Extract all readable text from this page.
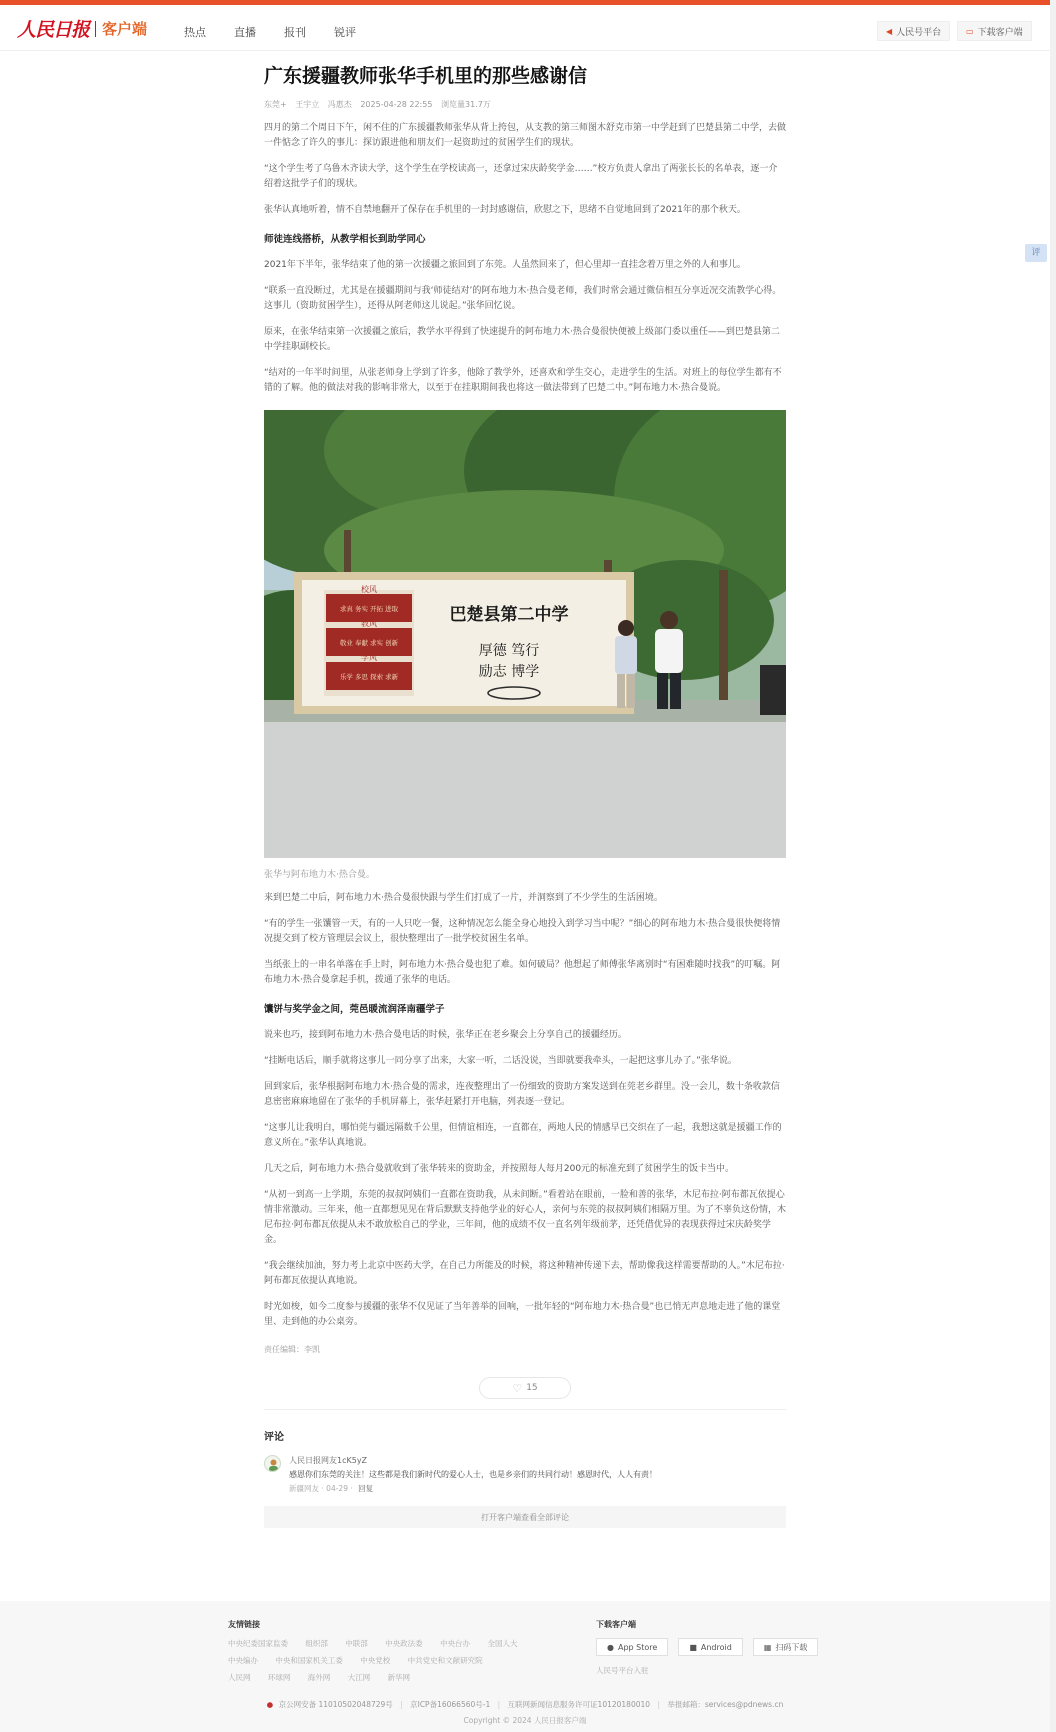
人民日报 客户端	热点	直播	报刊	锐评	◀ 人民号平台	▭ 下载客户端
评
广东援疆教师张华手机里的那些感谢信
东莞+ 王宇立 冯惠杰 2025-04-28 22:55 浏览量31.7万

四月的第二个周日下午，闲不住的广东援疆教师张华从背上挎包，从支教的第三师图木舒克市第一中学赶到了巴楚县第二中学，去做一件惦念了许久的事儿：探访跟进他和朋友们一起资助过的贫困学生们的现状。

“这个学生考了乌鲁木齐读大学，这个学生在学校读高一，还拿过宋庆龄奖学金……”校方负责人拿出了两张长长的名单表，逐一介绍着这批学子们的现状。

张华认真地听着，情不自禁地翻开了保存在手机里的一封封感谢信，欣慰之下，思绪不自觉地回到了2021年的那个秋天。

师徒连线搭桥，从教学相长到助学同心

2021年下半年，张华结束了他的第一次援疆之旅回到了东莞。人虽然回来了，但心里却一直挂念着万里之外的人和事儿。

“联系一直没断过，尤其是在援疆期间与我‘师徒结对’的阿布地力木·热合曼老师，我们时常会通过微信相互分享近况交流教学心得。这事儿（资助贫困学生），还得从阿老师这儿说起。”张华回忆说。

原来，在张华结束第一次援疆之旅后，教学水平得到了快速提升的阿布地力木·热合曼很快便被上级部门委以重任——到巴楚县第二中学挂职副校长。

“结对的一年半时间里，从张老师身上学到了许多，他除了教学外，还喜欢和学生交心，走进学生的生活。对班上的每位学生都有不错的了解。他的做法对我的影响非常大，以至于在挂职期间我也将这一做法带到了巴楚二中。”阿布地力木·热合曼说。

校风
教风
学风
求真 务实 开拓 进取
敬业 奉献 求实 创新
乐学 多思 探索 求新
巴楚县第二中学
厚德 笃行
励志 博学
张华与阿布地力木·热合曼。

来到巴楚二中后，阿布地力木·热合曼很快跟与学生们打成了一片，并洞察到了不少学生的生活困境。

“有的学生一张馕管一天，有的一人只吃一餐，这种情况怎么能全身心地投入到学习当中呢？”细心的阿布地力木·热合曼很快便将情况提交到了校方管理层会议上，很快整理出了一批学校贫困生名单。

当纸张上的一串名单落在手上时，阿布地力木·热合曼也犯了难。如何破局？他想起了师傅张华离别时“有困难随时找我”的叮嘱。阿布地力木·热合曼拿起手机，拨通了张华的电话。

馕饼与奖学金之间，莞邑暖流润泽南疆学子

说来也巧，接到阿布地力木·热合曼电话的时候，张华正在老乡聚会上分享自己的援疆经历。

“挂断电话后，顺手就将这事儿一同分享了出来，大家一听，二话没说，当即就要我牵头，一起把这事儿办了。”张华说。

回到家后，张华根据阿布地力木·热合曼的需求，连夜整理出了一份细致的资助方案发送到在莞老乡群里。没一会儿，数十条收款信息密密麻麻地留在了张华的手机屏幕上，张华赶紧打开电脑，列表逐一登记。

“这事儿让我明白，哪怕莞与疆远隔数千公里，但情谊相连，一直都在，两地人民的情感早已交织在了一起，我想这就是援疆工作的意义所在。”张华认真地说。

几天之后，阿布地力木·热合曼就收到了张华转来的资助金，并按照每人每月200元的标准充到了贫困学生的饭卡当中。

“从初一到高一上学期，东莞的叔叔阿姨们一直都在资助我，从未间断。”看着站在眼前，一脸和善的张华，木尼布拉·阿布都瓦依提心情非常激动。三年来，他一直都想见见在背后默默支持他学业的好心人，亲何与东莞的叔叔阿姨们相隔万里。为了不辜负这份情，木尼布拉·阿布都瓦依提从未不敢放松自己的学业，三年间，他的成绩不仅一直名列年级前茅，还凭借优异的表现获得过宋庆龄奖学金。

“我会继续加油，努力考上北京中医药大学，在自己力所能及的时候，将这种精神传递下去，帮助像我这样需要帮助的人。”木尼布拉·阿布都瓦依提认真地说。

时光如梭，如今二度参与援疆的张华不仅见证了当年善举的回响，一批年轻的“阿布地力木·热合曼”也已悄无声息地走进了他的课堂里、走到他的办公桌旁。

责任编辑：李凯
♡ 15
评论
人民日报网友1cK5yZ
感恩你们东莞的关注！这些都是我们新时代的爱心人士，也是乡亲们的共同行动！感恩时代，人人有责！
新疆网友 · 04-29 · 回复
打开客户端查看全部评论
友情链接
中央纪委国家监委 组织部 中联部 中央政法委 中央台办 全国人大
中央编办 中央和国家机关工委 中央党校 中共党史和文献研究院
人民网 环球网 海外网 大江网 新华网
下载客户端
● App Store	■ Android	▦ 扫码下载
人民号平台入驻
● 京公网安备 11010502048729号 | 京ICP备16066560号-1 | 互联网新闻信息服务许可证10120180010 | 举报邮箱：services@pdnews.cn
Copyright © 2024 人民日报客户端
